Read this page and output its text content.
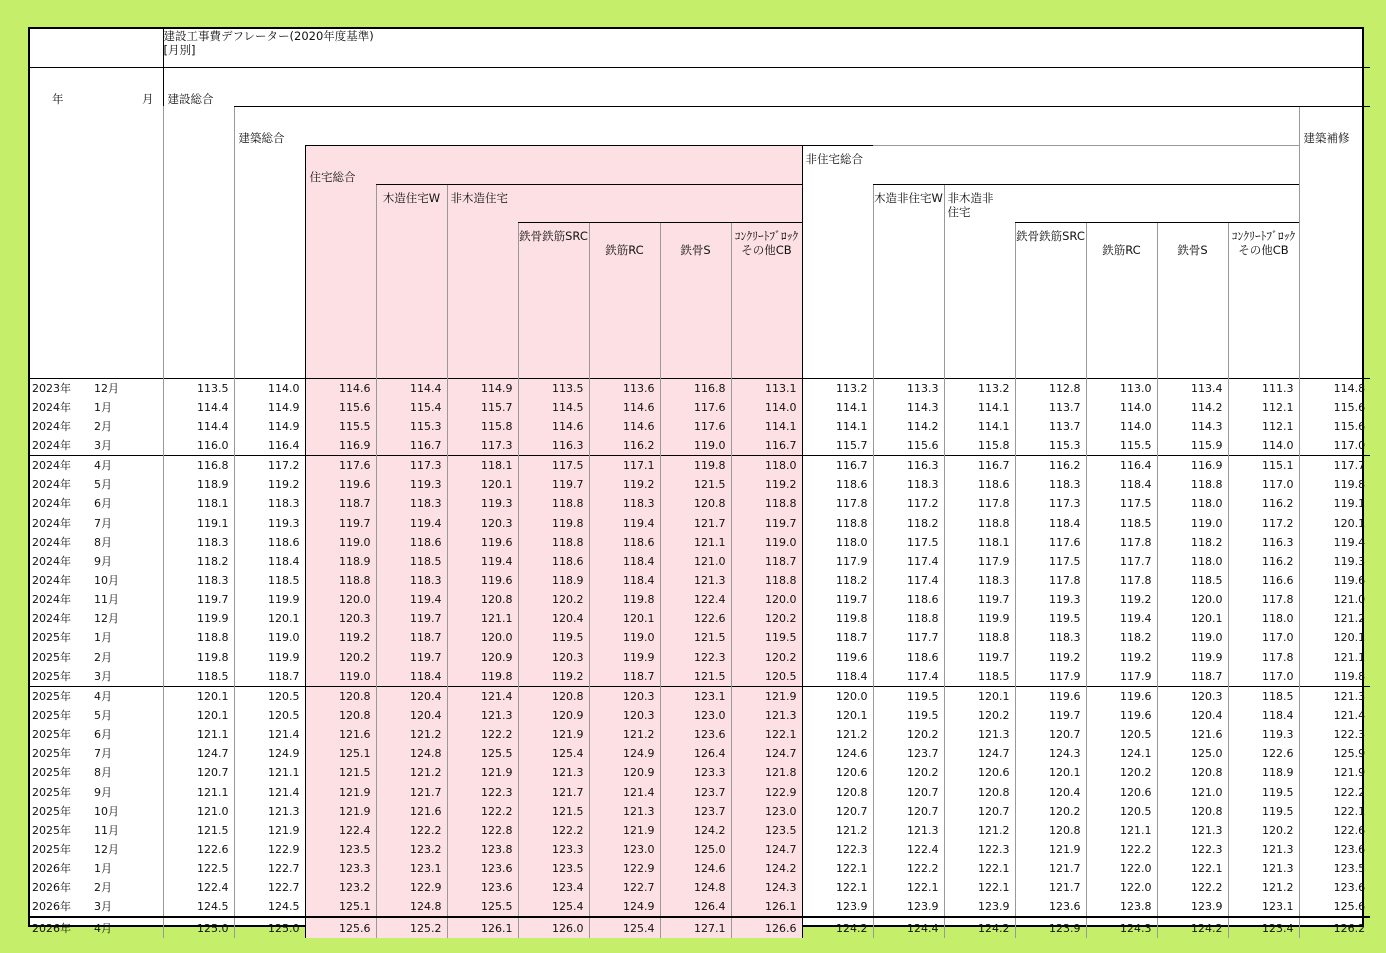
		建設工事費デフレーター(2020年度基準)
[月別]																

年	月	建設総合																
			建築総合															建築補修
				住宅総合							非住宅総合							
					木造住宅W	非木造住宅						木造非住宅W	非木造非住宅					
							鉄骨鉄筋SRC	鉄筋RC	鉄骨S	ｺﾝｸﾘｰﾄﾌﾞﾛｯｸその他CB				鉄骨鉄筋SRC	鉄筋RC	鉄骨S	ｺﾝｸﾘｰﾄﾌﾞﾛｯｸその他CB	
2023年	12月	113.5	114.0	114.6	114.4	114.9	113.5	113.6	116.8	113.1	113.2	113.3	113.2	112.8	113.0	113.4	111.3	114.8
2024年	1月	114.4	114.9	115.6	115.4	115.7	114.5	114.6	117.6	114.0	114.1	114.3	114.1	113.7	114.0	114.2	112.1	115.6
2024年	2月	114.4	114.9	115.5	115.3	115.8	114.6	114.6	117.6	114.1	114.1	114.2	114.1	113.7	114.0	114.3	112.1	115.6
2024年	3月	116.0	116.4	116.9	116.7	117.3	116.3	116.2	119.0	116.7	115.7	115.6	115.8	115.3	115.5	115.9	114.0	117.0
2024年	4月	116.8	117.2	117.6	117.3	118.1	117.5	117.1	119.8	118.0	116.7	116.3	116.7	116.2	116.4	116.9	115.1	117.7
2024年	5月	118.9	119.2	119.6	119.3	120.1	119.7	119.2	121.5	119.2	118.6	118.3	118.6	118.3	118.4	118.8	117.0	119.8
2024年	6月	118.1	118.3	118.7	118.3	119.3	118.8	118.3	120.8	118.8	117.8	117.2	117.8	117.3	117.5	118.0	116.2	119.1
2024年	7月	119.1	119.3	119.7	119.4	120.3	119.8	119.4	121.7	119.7	118.8	118.2	118.8	118.4	118.5	119.0	117.2	120.1
2024年	8月	118.3	118.6	119.0	118.6	119.6	118.8	118.6	121.1	119.0	118.0	117.5	118.1	117.6	117.8	118.2	116.3	119.4
2024年	9月	118.2	118.4	118.9	118.5	119.4	118.6	118.4	121.0	118.7	117.9	117.4	117.9	117.5	117.7	118.0	116.2	119.3
2024年	10月	118.3	118.5	118.8	118.3	119.6	118.9	118.4	121.3	118.8	118.2	117.4	118.3	117.8	117.8	118.5	116.6	119.6
2024年	11月	119.7	119.9	120.0	119.4	120.8	120.2	119.8	122.4	120.0	119.7	118.6	119.7	119.3	119.2	120.0	117.8	121.0
2024年	12月	119.9	120.1	120.3	119.7	121.1	120.4	120.1	122.6	120.2	119.8	118.8	119.9	119.5	119.4	120.1	118.0	121.2
2025年	1月	118.8	119.0	119.2	118.7	120.0	119.5	119.0	121.5	119.5	118.7	117.7	118.8	118.3	118.2	119.0	117.0	120.1
2025年	2月	119.8	119.9	120.2	119.7	120.9	120.3	119.9	122.3	120.2	119.6	118.6	119.7	119.2	119.2	119.9	117.8	121.1
2025年	3月	118.5	118.7	119.0	118.4	119.8	119.2	118.7	121.5	120.5	118.4	117.4	118.5	117.9	117.9	118.7	117.0	119.8
2025年	4月	120.1	120.5	120.8	120.4	121.4	120.8	120.3	123.1	121.9	120.0	119.5	120.1	119.6	119.6	120.3	118.5	121.3
2025年	5月	120.1	120.5	120.8	120.4	121.3	120.9	120.3	123.0	121.3	120.1	119.5	120.2	119.7	119.6	120.4	118.4	121.4
2025年	6月	121.1	121.4	121.6	121.2	122.2	121.9	121.2	123.6	122.1	121.2	120.2	121.3	120.7	120.5	121.6	119.3	122.3
2025年	7月	124.7	124.9	125.1	124.8	125.5	125.4	124.9	126.4	124.7	124.6	123.7	124.7	124.3	124.1	125.0	122.6	125.9
2025年	8月	120.7	121.1	121.5	121.2	121.9	121.3	120.9	123.3	121.8	120.6	120.2	120.6	120.1	120.2	120.8	118.9	121.9
2025年	9月	121.1	121.4	121.9	121.7	122.3	121.7	121.4	123.7	122.9	120.8	120.7	120.8	120.4	120.6	121.0	119.5	122.2
2025年	10月	121.0	121.3	121.9	121.6	122.2	121.5	121.3	123.7	123.0	120.7	120.7	120.7	120.2	120.5	120.8	119.5	122.1
2025年	11月	121.5	121.9	122.4	122.2	122.8	122.2	121.9	124.2	123.5	121.2	121.3	121.2	120.8	121.1	121.3	120.2	122.6
2025年	12月	122.6	122.9	123.5	123.2	123.8	123.3	123.0	125.0	124.7	122.3	122.4	122.3	121.9	122.2	122.3	121.3	123.6
2026年	1月	122.5	122.7	123.3	123.1	123.6	123.5	122.9	124.6	124.2	122.1	122.2	122.1	121.7	122.0	122.1	121.3	123.5
2026年	2月	122.4	122.7	123.2	122.9	123.6	123.4	122.7	124.8	124.3	122.1	122.1	122.1	121.7	122.0	122.2	121.2	123.6
2026年	3月	124.5	124.5	125.1	124.8	125.5	125.4	124.9	126.4	126.1	123.9	123.9	123.9	123.6	123.8	123.9	123.1	125.6
2026年	4月	125.0	125.0	125.6	125.2	126.1	126.0	125.4	127.1	126.6	124.2	124.4	124.2	123.9	124.3	124.2	123.4	126.2
